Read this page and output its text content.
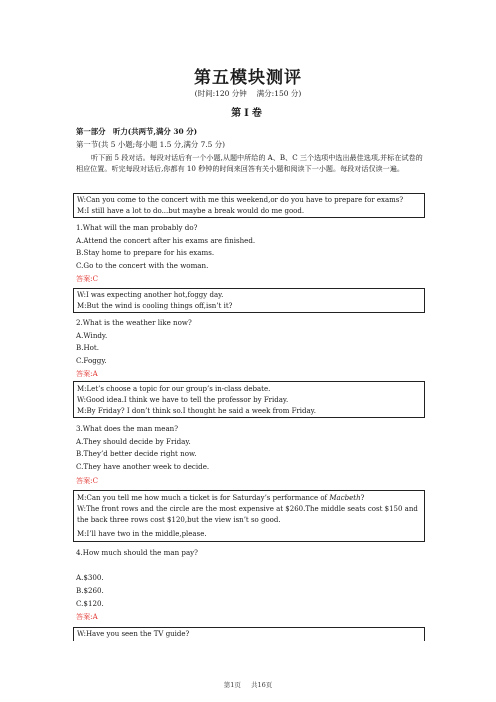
第五模块测评
(时间:120 分钟　 满分:150 分)
第Ⅰ卷
第一部分　听力(共两节,满分 30 分)
第一节(共 5 小题;每小题 1.5 分,满分 7.5 分)
听下面 5 段对话。每段对话后有一个小题,从题中所给的 A、B、C 三个选项中选出最佳选项,并标在试卷的相应位置。听完每段对话后,你都有 10 秒钟的时间来回答有关小题和阅读下一小题。每段对话仅读一遍。
W:Can you come to the concert with me this weekend,or do you have to prepare for exams?
M:I still have a lot to do...but maybe a break would do me good.
1.What will the man probably do?
A.Attend the concert after his exams are finished.
B.Stay home to prepare for his exams.
C.Go to the concert with the woman.
答案:C
W:I was expecting another hot,foggy day.
M:But the wind is cooling things off,isn’t it?
2.What is the weather like now?
A.Windy.
B.Hot.
C.Foggy.
答案:A
M:Let’s choose a topic for our group’s in-class debate.
W:Good idea.I think we have to tell the professor by Friday.
M:By Friday? I don’t think so.I thought he said a week from Friday.
3.What does the man mean?
A.They should decide by Friday.
B.They’d better decide right now.
C.They have another week to decide.
答案:C
M:Can you tell me how much a ticket is for Saturday’s performance of Macbeth?
W:The front rows and the circle are the most expensive at $260.The middle seats cost $150 and the back three rows cost $120,but the view isn’t so good.
M:I’ll have two in the middle,please.
4.How much should the man pay?
A.$300.
B.$260.
C.$120.
答案:A
W:Have you seen the TV guide?
第1页 共16页
